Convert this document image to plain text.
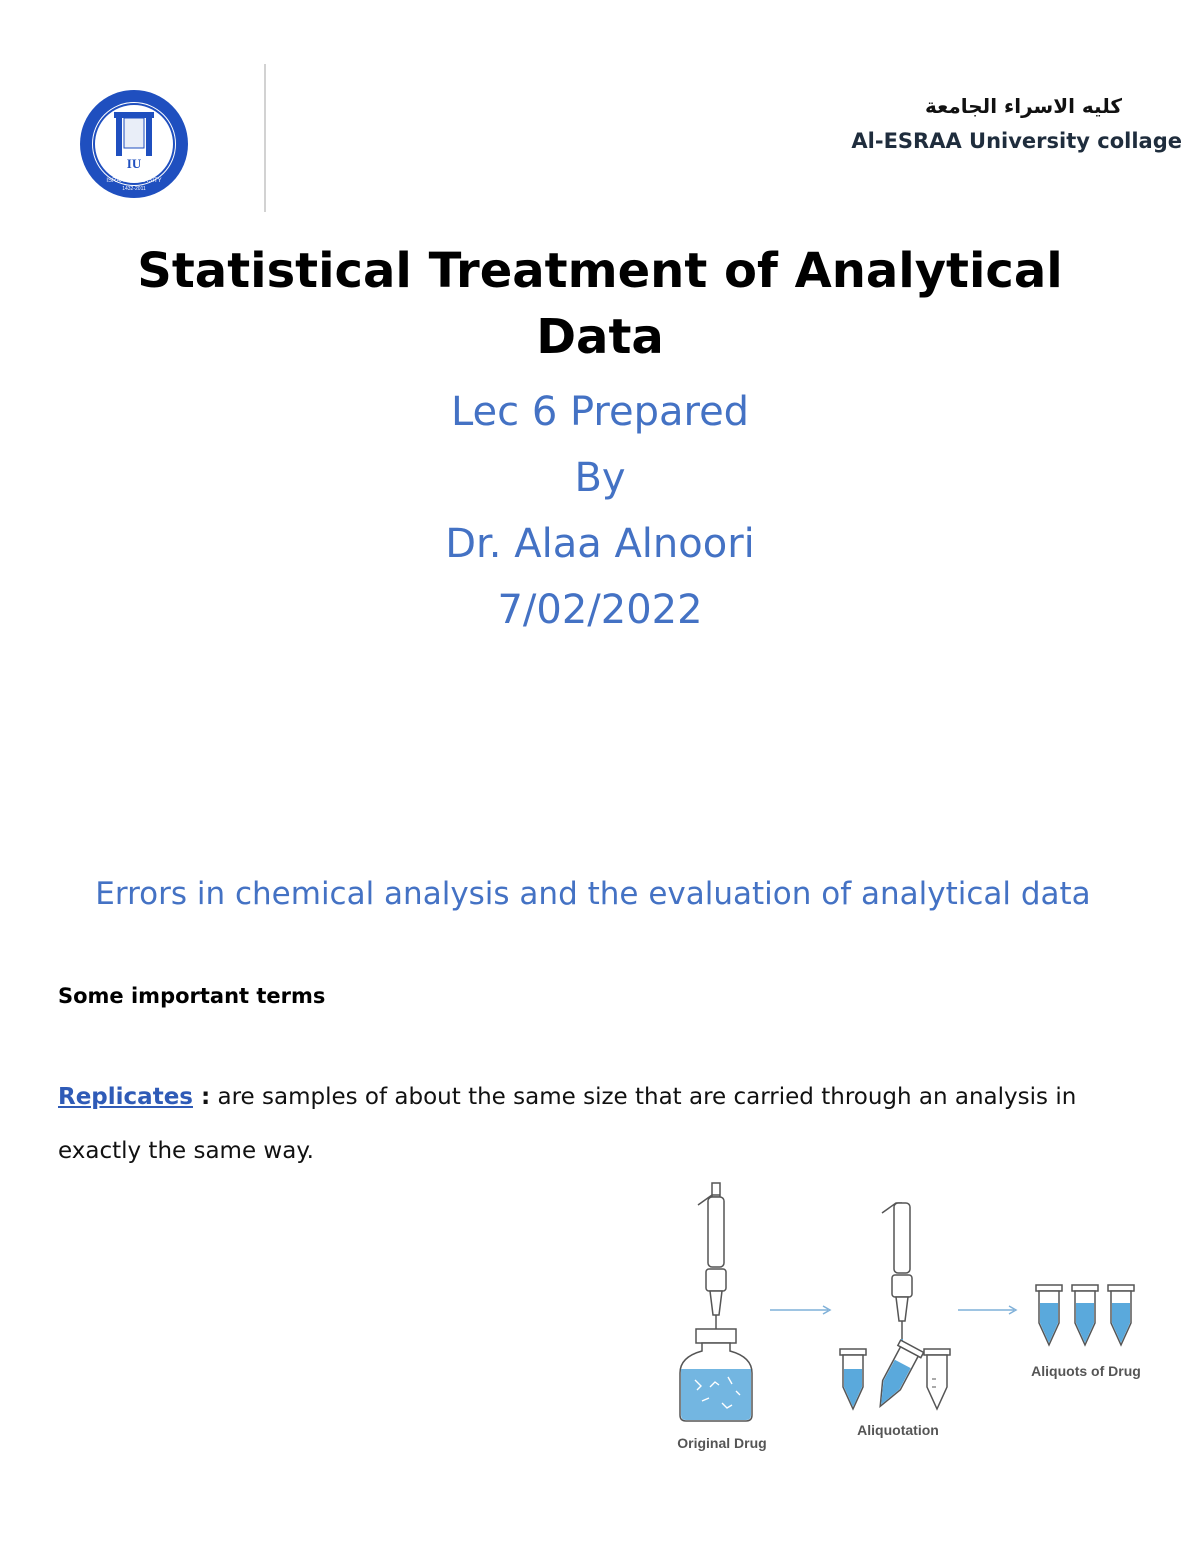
IU
ISRAA UNIVERSITY
1432-2011
كليه الاسراء الجامعة
Al-ESRAA University collage
Statistical Treatment of Analytical Data
Lec 6 Prepared
By
Dr. Alaa Alnoori
7/02/2022
Errors in chemical analysis and the evaluation of analytical data
Some important terms
Replicates : are samples of about the same size that are carried through an analysis in exactly the same way.
Original Drug
Aliquotation
Aliquots of Drug
